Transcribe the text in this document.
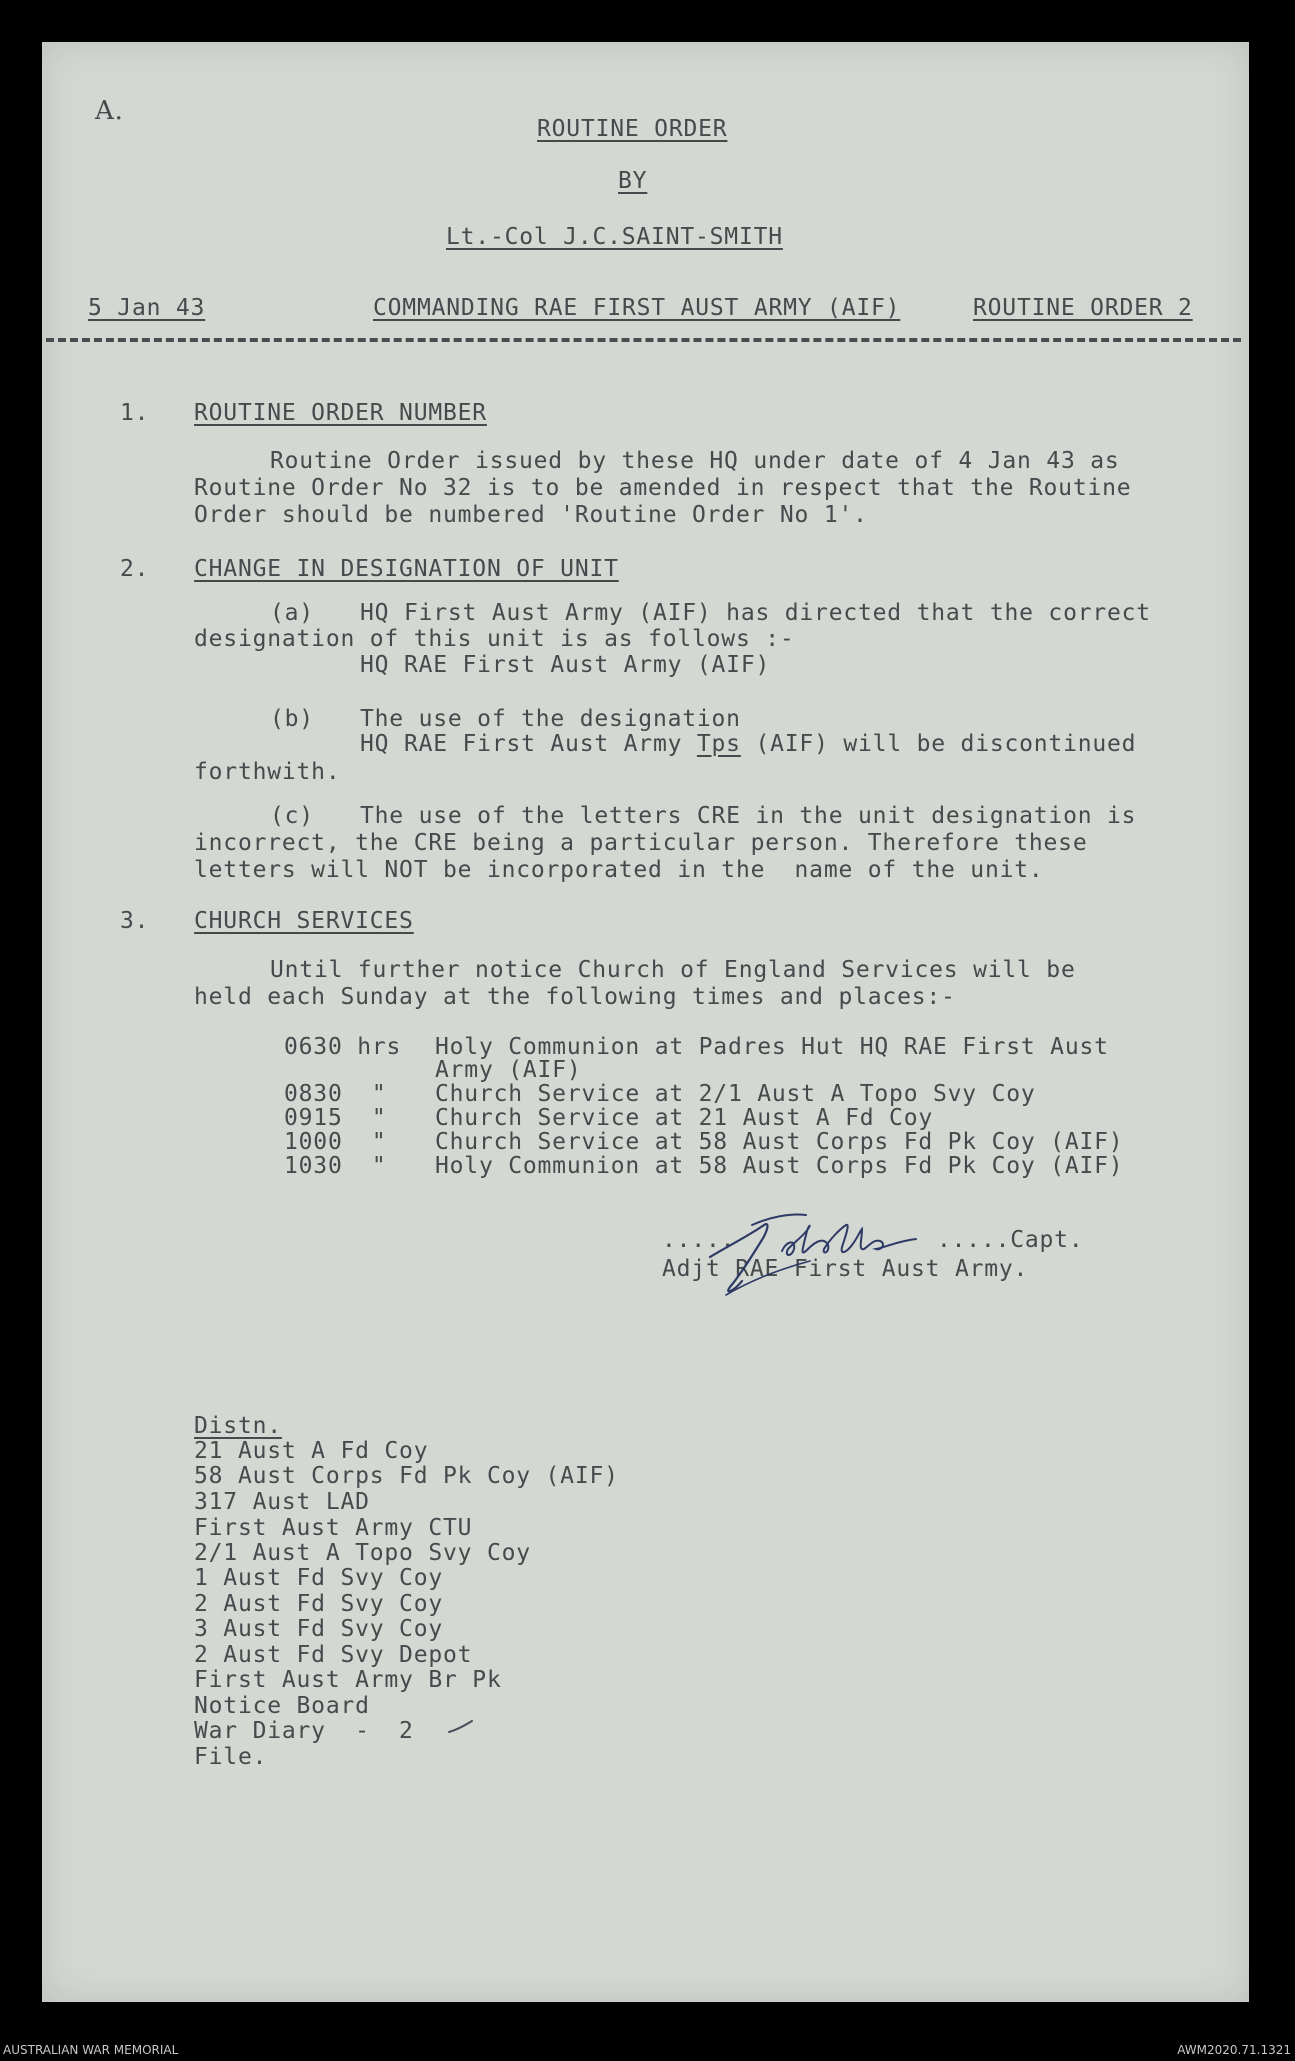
A.
ROUTINE ORDER
BY
Lt.-Col J.C.SAINT-SMITH
5 Jan 43	COMMANDING RAE FIRST AUST ARMY (AIF)	ROUTINE ORDER 2
1. ROUTINE ORDER NUMBER
Routine Order issued by these HQ under date of 4 Jan 43 as
Routine Order No 32 is to be amended in respect that the Routine
Order should be numbered 'Routine Order No 1'.
2. CHANGE IN DESIGNATION OF UNIT
(a) HQ First Aust Army (AIF) has directed that the correct
designation of this unit is as follows :-
HQ RAE First Aust Army (AIF)
(b) The use of the designation
HQ RAE First Aust Army Tps (AIF) will be discontinued
forthwith.
(c) The use of the letters CRE in the unit designation is
incorrect, the CRE being a particular person. Therefore these
letters will NOT be incorporated in the  name of the unit.
3. CHURCH SERVICES
Until further notice Church of England Services will be
held each Sunday at the following times and places:-
0630 hrs Holy Communion at Padres Hut HQ RAE First Aust
Army (AIF)
0830  " Church Service at 2/1 Aust A Topo Svy Coy
0915  " Church Service at 21 Aust A Fd Coy
1000  " Church Service at 58 Aust Corps Fd Pk Coy (AIF)
1030  " Holy Communion at 58 Aust Corps Fd Pk Coy (AIF)
.....	.....Capt.
Adjt RAE First Aust Army.
Distn.
21 Aust A Fd Coy
58 Aust Corps Fd Pk Coy (AIF)
317 Aust LAD
First Aust Army CTU
2/1 Aust A Topo Svy Coy
1 Aust Fd Svy Coy
2 Aust Fd Svy Coy
3 Aust Fd Svy Coy
2 Aust Fd Svy Depot
First Aust Army Br Pk
Notice Board
War Diary  -  2
File.
AUSTRALIAN WAR MEMORIAL	AWM2020.71.1321
